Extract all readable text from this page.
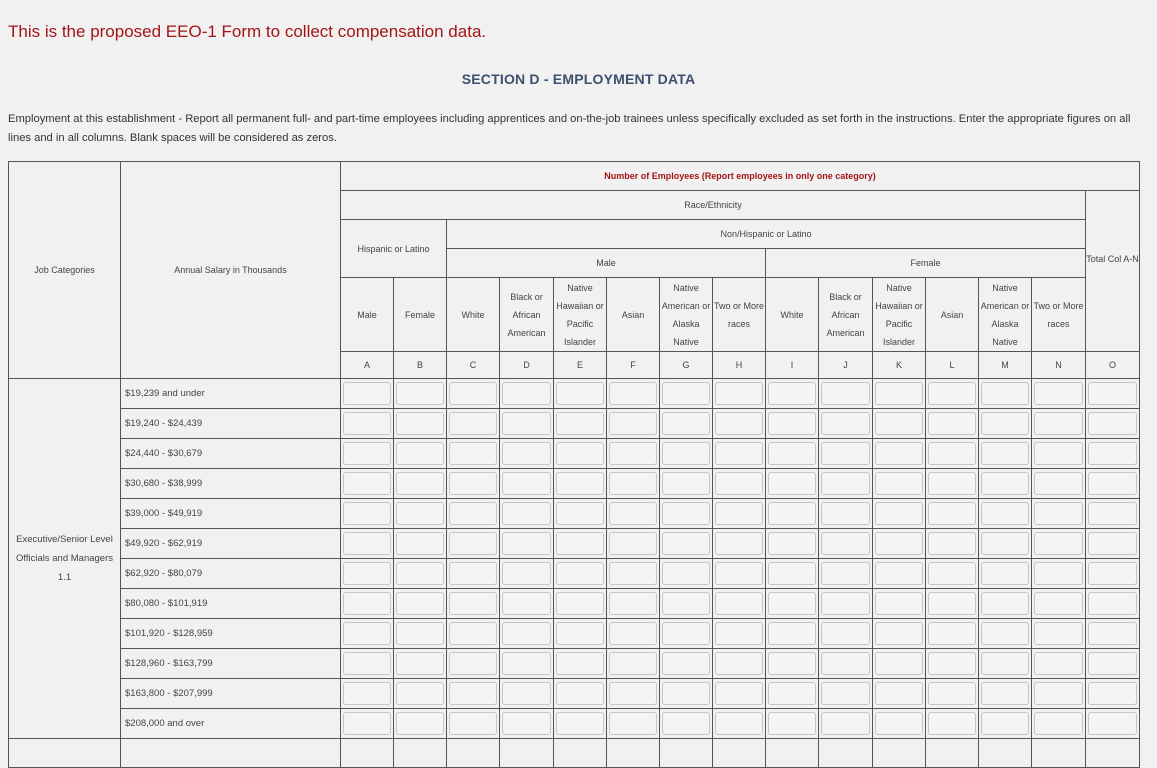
This is the proposed EEO-1 Form to collect compensation data.

SECTION D - EMPLOYMENT DATA
Employment at this establishment - Report all permanent full- and part-time employees including apprentices and on-the-job trainees unless specifically excluded as set forth in the instructions. Enter the appropriate figures on all lines and in all columns. Blank spaces will be considered as zeros.
Job Categories	Annual Salary in Thousands	Number of Employees (Report employees in only one category)														
		Race/Ethnicity														Total Col A-N
		Hispanic or Latino		Non/Hispanic or Latino												
				Male						Female						
		Male	Female	White	Black or African American	Native Hawaiian or Pacific Islander	Asian	Native American or Alaska Native	Two or More races	White	Black or African American	Native Hawaiian or Pacific Islander	Asian	Native American or Alaska Native	Two or More races	
		A	B	C	D	E	F	G	H	I	J	K	L	M	N	O
Executive/Senior Level Officials and Managers 1.1	$19,239 and under	

	$19,240 - $24,439	

	$24,440 - $30,679	

	$30,680 - $38,999	

	$39,000 - $49,919	

	$49,920 - $62,919	

	$62,920 - $80,079	

	$80,080 - $101,919	

	$101,920 - $128,959	

	$128,960 - $163,799	

	$163,800 - $207,999	

	$208,000 and over	
